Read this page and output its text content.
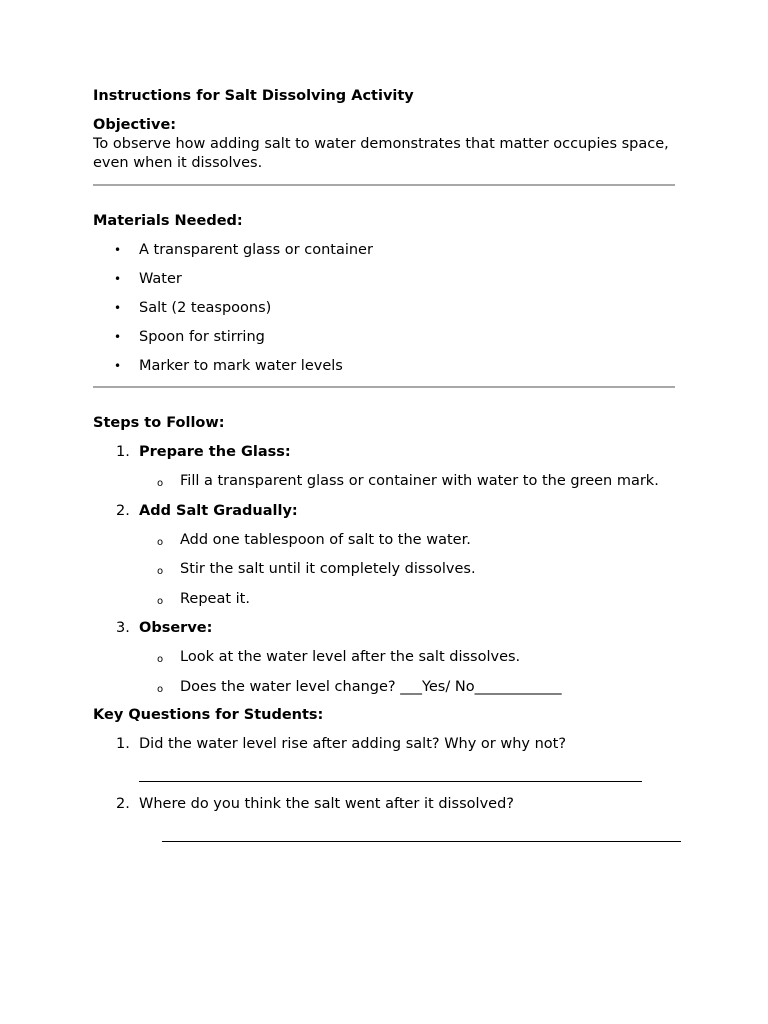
Instructions for Salt Dissolving Activity
Objective:
To observe how adding salt to water demonstrates that matter occupies space, even when it dissolves.
Materials Needed:
• A transparent glass or container
• Water
• Salt (2 teaspoons)
• Spoon for stirring
• Marker to mark water levels
Steps to Follow:
1. Prepare the Glass:
o Fill a transparent glass or container with water to the green mark.
2. Add Salt Gradually:
o Add one tablespoon of salt to the water.
o Stir the salt until it completely dissolves.
o Repeat it.
3. Observe:
o Look at the water level after the salt dissolves.
o Does the water level change? ___Yes/ No____________
Key Questions for Students:
1. Did the water level rise after adding salt? Why or why not?
2. Where do you think the salt went after it dissolved?
